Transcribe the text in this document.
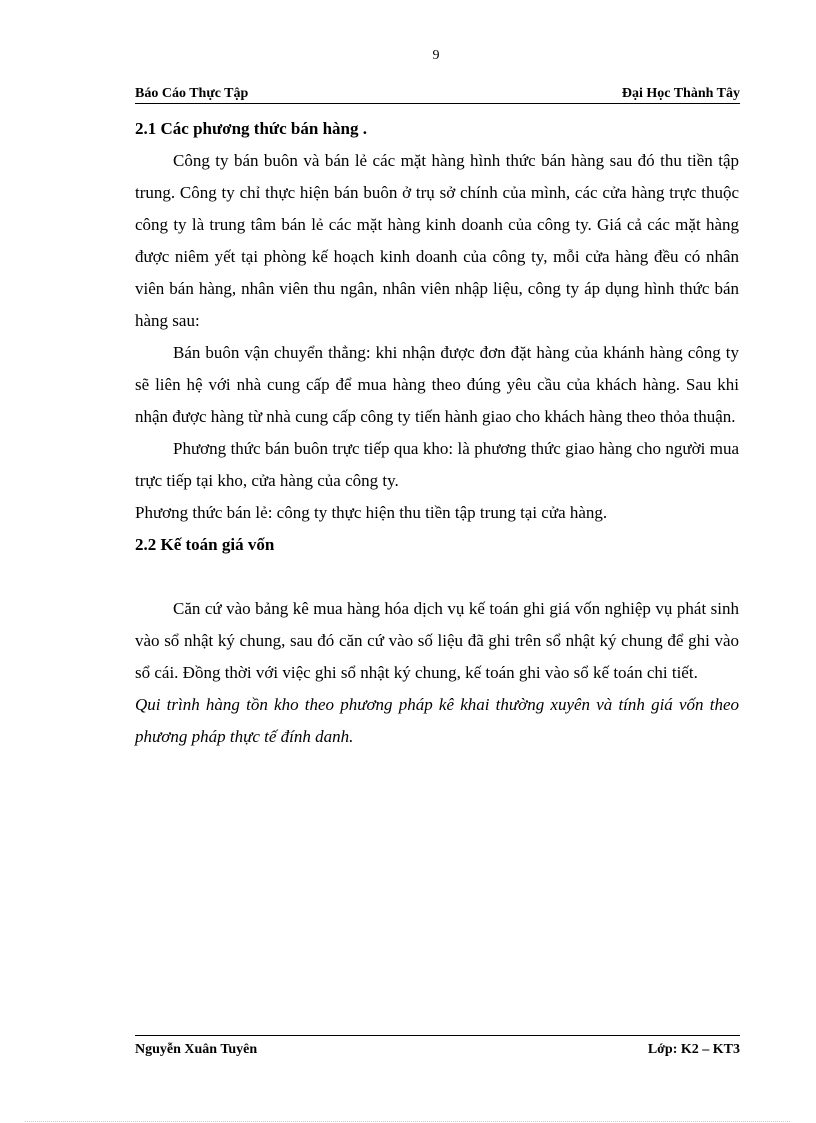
9
Báo Cáo Thực Tập	Đại Học Thành Tây

2.1 Các phương thức bán hàng .

Công ty bán buôn và bán lẻ các mặt hàng hình thức bán hàng sau đó thu tiền tập trung. Công ty chỉ thực hiện bán buôn ở trụ sở chính của mình, các cửa hàng trực thuộc công ty là trung tâm bán lẻ các mặt hàng kinh doanh của công ty. Giá cả các mặt hàng được niêm yết tại phòng kế hoạch kinh doanh của công ty, mỗi cửa hàng đều có nhân viên bán hàng, nhân viên thu ngân, nhân viên nhập liệu, công ty áp dụng hình thức bán hàng sau:

Bán buôn vận chuyển thẳng: khi nhận được đơn đặt hàng của khánh hàng công ty sẽ liên hệ với nhà cung cấp để mua hàng theo đúng yêu cầu của khách hàng. Sau khi nhận được hàng từ nhà cung cấp công ty tiến hành giao cho khách hàng theo thỏa thuận.

Phương thức bán buôn trực tiếp qua kho: là phương thức giao hàng cho người mua trực tiếp tại kho, cửa hàng của công ty.

Phương thức bán lẻ: công ty thực hiện thu tiền tập trung tại cửa hàng.

2.2 Kế toán giá vốn

Căn cứ vào bảng kê mua hàng hóa dịch vụ kế toán ghi giá vốn nghiệp vụ phát sinh vào sổ nhật ký chung, sau đó căn cứ vào số liệu đã ghi trên sổ nhật ký chung để ghi vào sổ cái. Đồng thời với việc ghi sổ nhật ký chung, kế toán ghi vào sổ kế toán chi tiết.

Qui trình hàng tồn kho theo phương pháp kê khai thường xuyên và tính giá vốn theo phương pháp thực tế đính danh.

Nguyễn Xuân Tuyên	Lớp: K2 – KT3
